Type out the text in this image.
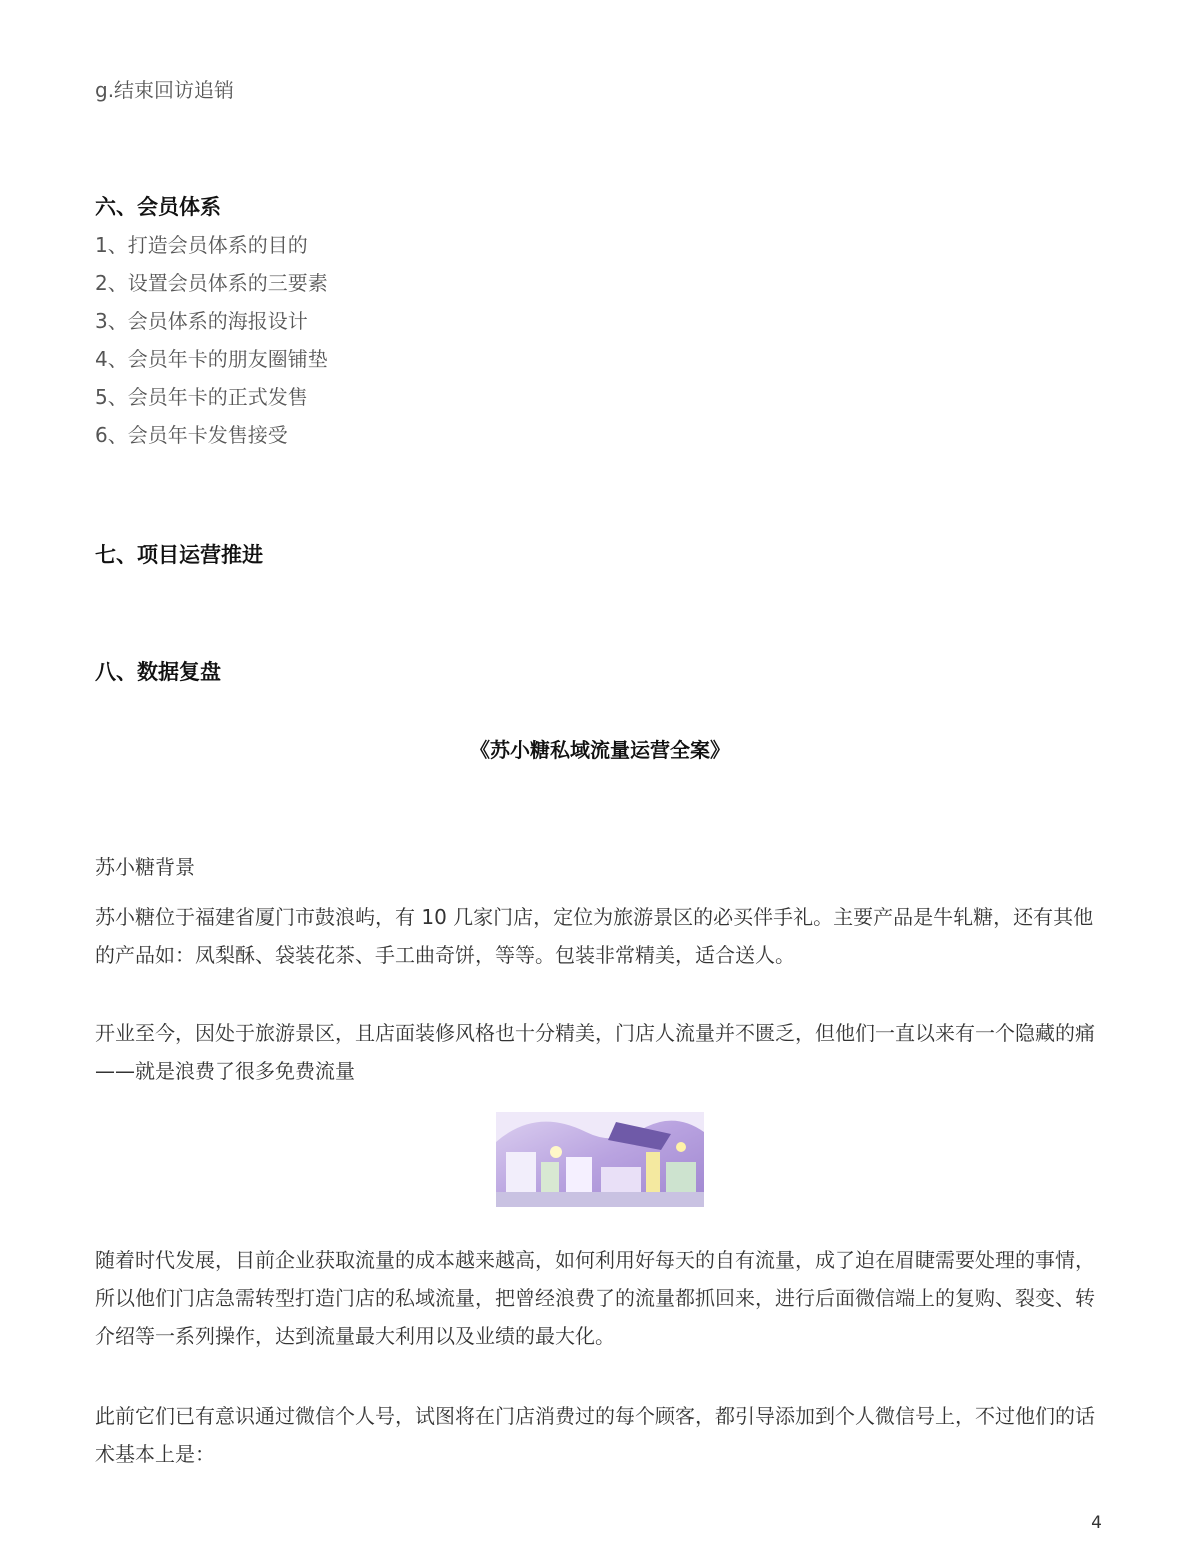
g.结束回访追销
六、会员体系
1、打造会员体系的目的
2、设置会员体系的三要素
3、会员体系的海报设计
4、会员年卡的朋友圈铺垫
5、会员年卡的正式发售
6、会员年卡发售接受
七、项目运营推进
八、数据复盘
《苏小糖私域流量运营全案》
苏小糖背景
苏小糖位于福建省厦门市鼓浪屿，有 10 几家门店，定位为旅游景区的必买伴手礼。主要产品是牛轧糖，还有其他的产品如：凤梨酥、袋装花茶、手工曲奇饼，等等。包装非常精美，适合送人。
开业至今，因处于旅游景区，且店面装修风格也十分精美，门店人流量并不匮乏，但他们一直以来有一个隐藏的痛——就是浪费了很多免费流量
随着时代发展，目前企业获取流量的成本越来越高，如何利用好每天的自有流量，成了迫在眉睫需要处理的事情，所以他们门店急需转型打造门店的私域流量，把曾经浪费了的流量都抓回来，进行后面微信端上的复购、裂变、转介绍等一系列操作，达到流量最大利用以及业绩的最大化。
此前它们已有意识通过微信个人号，试图将在门店消费过的每个顾客，都引导添加到个人微信号上，不过他们的话术基本上是：
4
